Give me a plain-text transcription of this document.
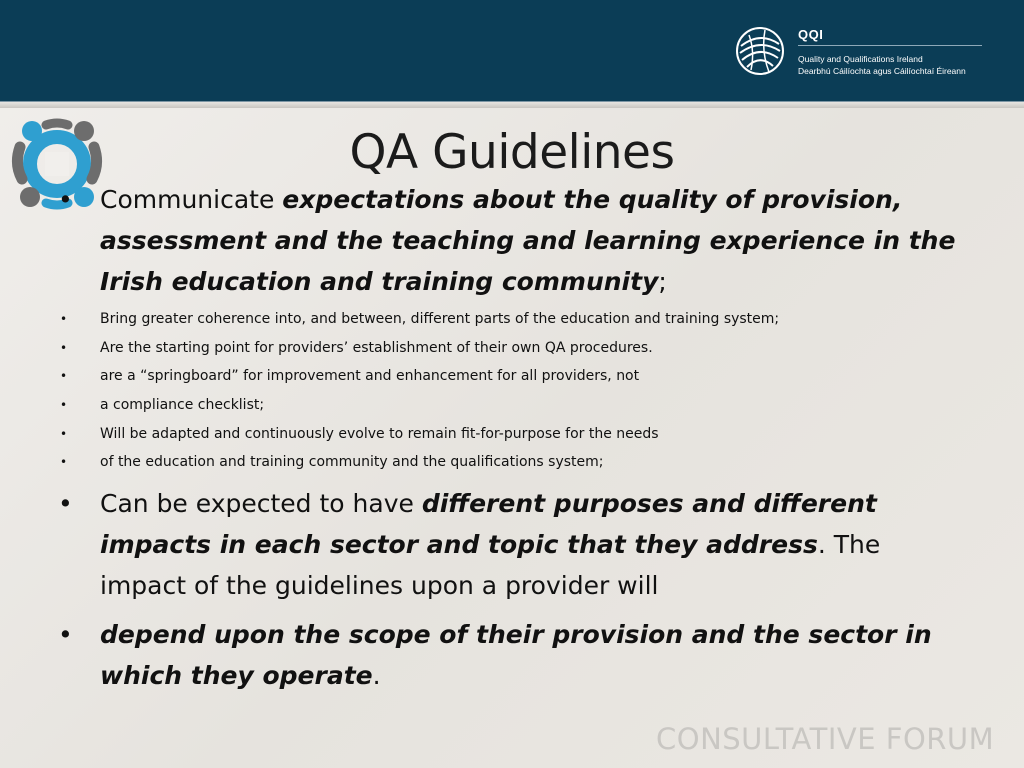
QQI
Quality and Qualifications Ireland
Dearbhú Cáilíochta agus Cáilíochtaí Éireann
QA Guidelines
• Communicate expectations about the quality of provision,
assessment and the teaching and learning experience in the
Irish education and training community;
• Bring greater coherence into, and between, different parts of the education and training system;
• Are the starting point for providers’ establishment of their own QA procedures.
• are a “springboard” for improvement and enhancement for all providers, not
• a compliance checklist;
• Will be adapted and continuously evolve to remain fit-for-purpose for the needs
• of the education and training community and the qualifications system;
• Can be expected to have different purposes and different
impacts in each sector and topic that they address. The
impact of the guidelines upon a provider will
• depend upon the scope of their provision and the sector in
which they operate.
CONSULTATIVE FORUM
